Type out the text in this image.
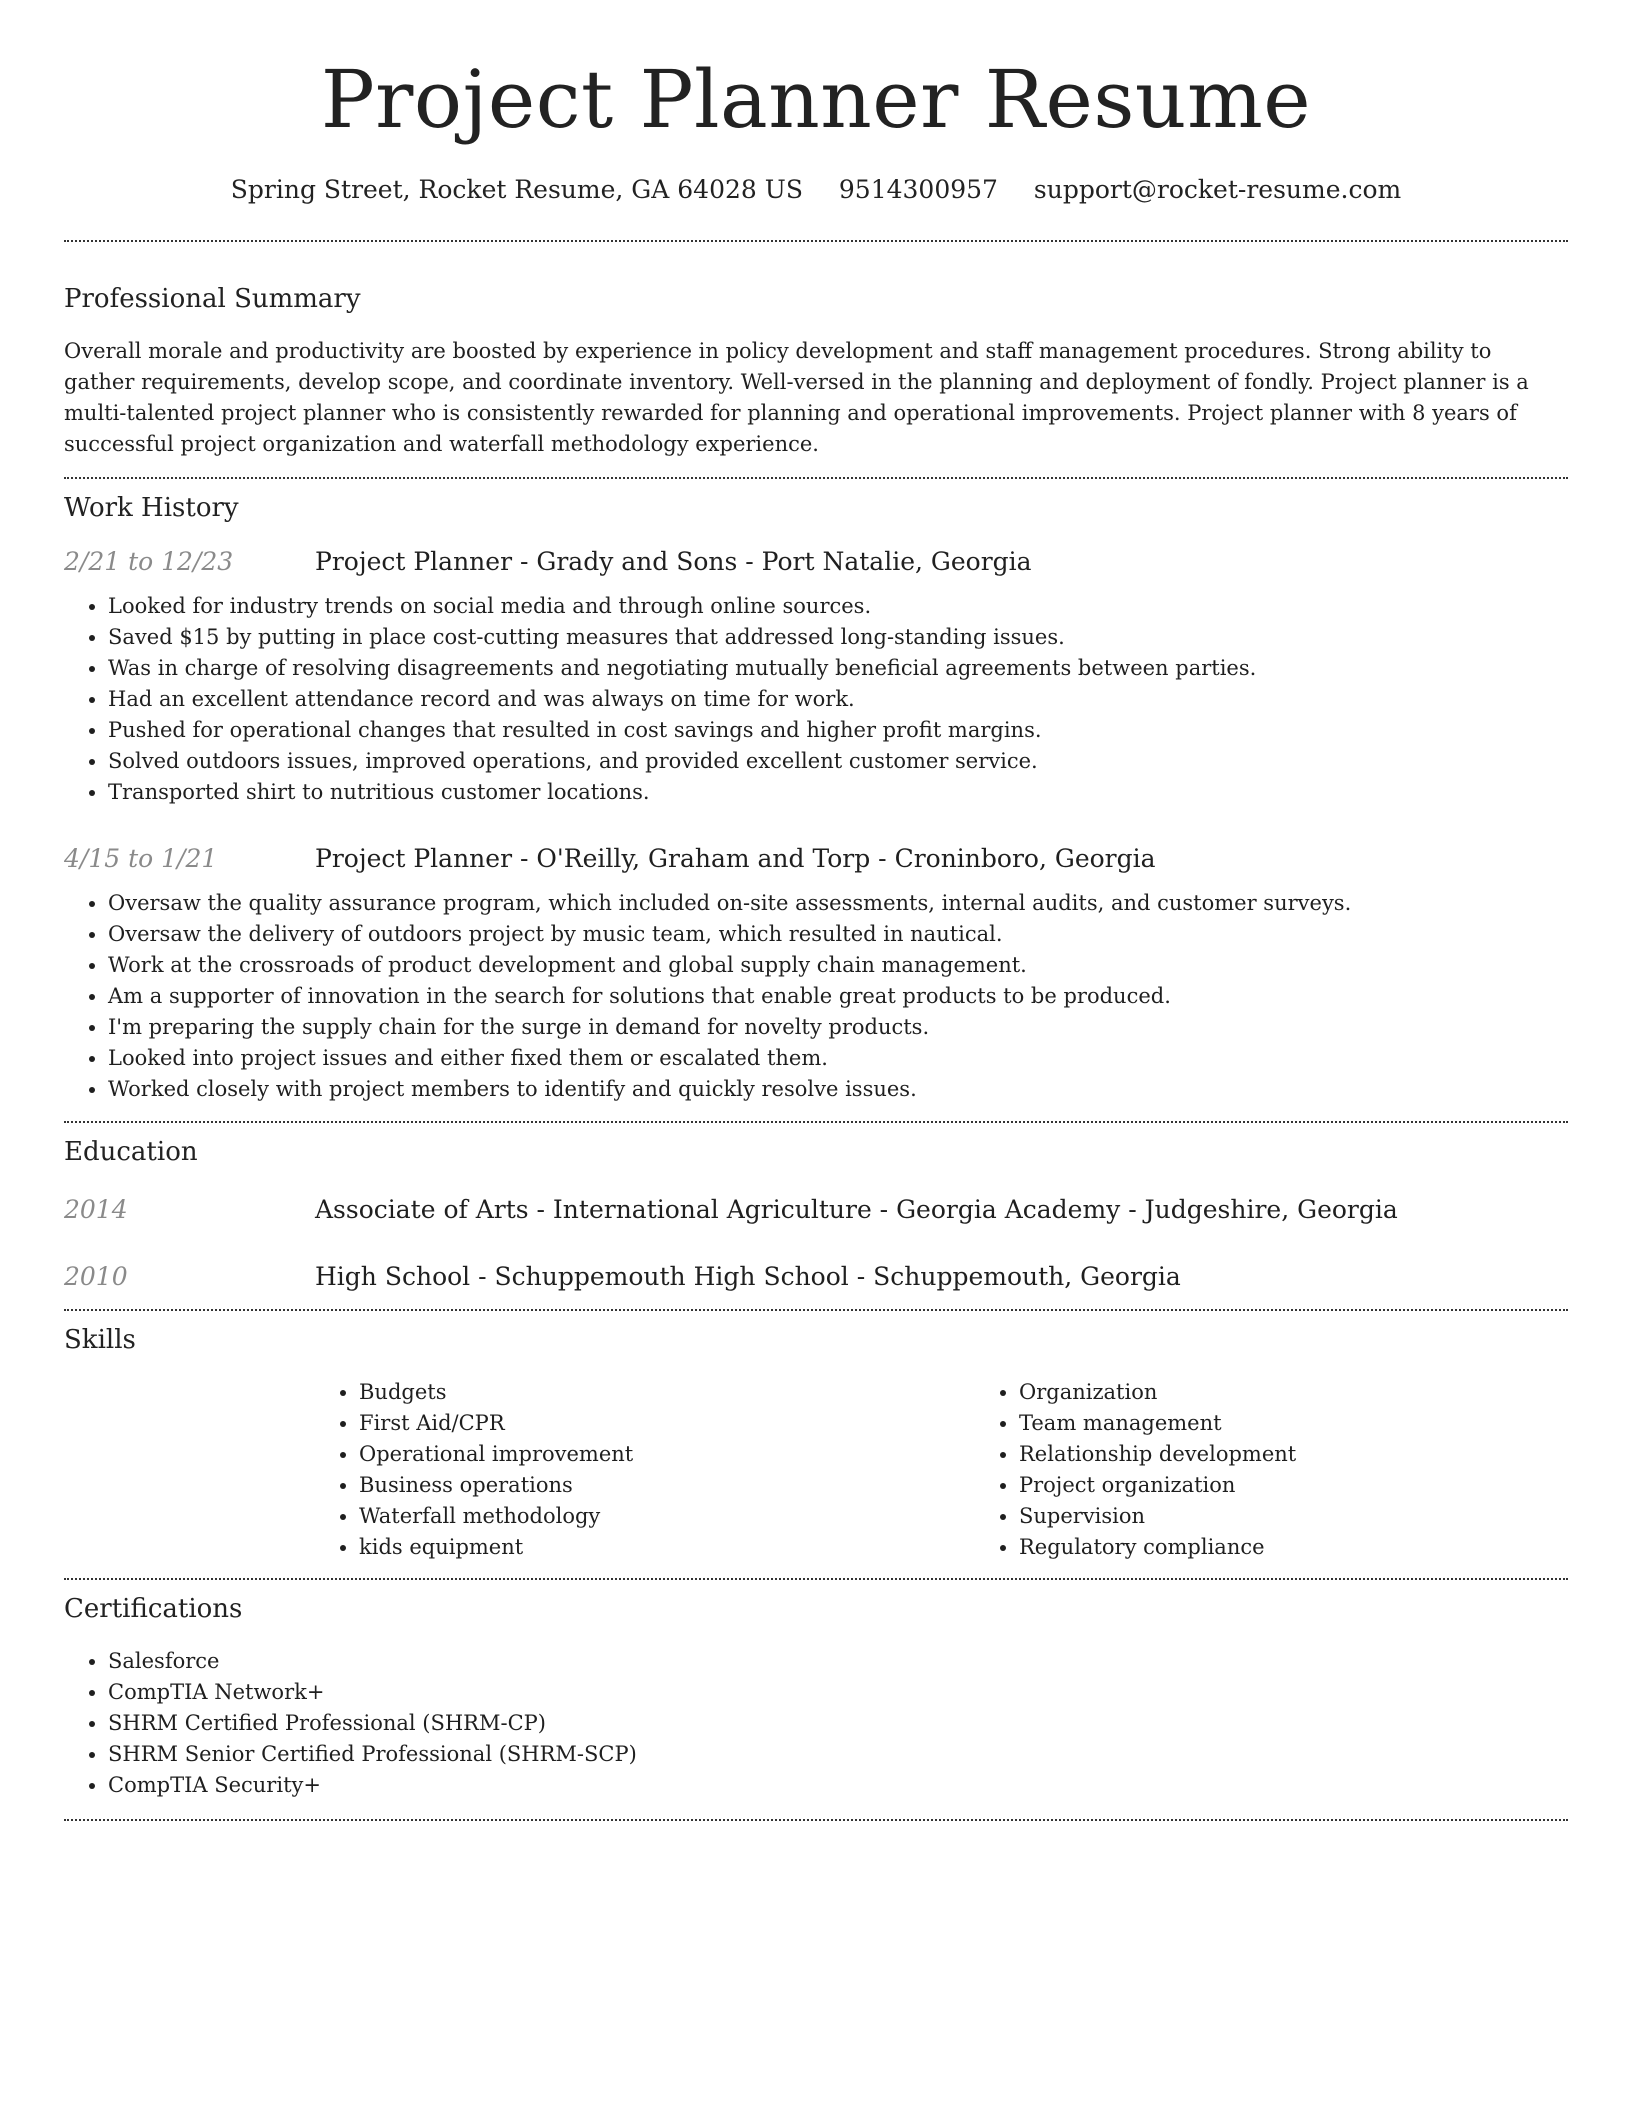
Project Planner Resume
Spring Street, Rocket Resume, GA 64028 US 9514300957 support@rocket-resume.com
Professional Summary

Overall morale and productivity are boosted by experience in policy development and staff management procedures. Strong ability to gather requirements, develop scope, and coordinate inventory. Well-versed in the planning and deployment of fondly. Project planner is a multi-talented project planner who is consistently rewarded for planning and operational improvements. Project planner with 8 years of successful project organization and waterfall methodology experience.

Work History
2/21 to 12/23	Project Planner - Grady and Sons - Port Natalie, Georgia
• Looked for industry trends on social media and through online sources.
• Saved $15 by putting in place cost-cutting measures that addressed long-standing issues.
• Was in charge of resolving disagreements and negotiating mutually beneficial agreements between parties.
• Had an excellent attendance record and was always on time for work.
• Pushed for operational changes that resulted in cost savings and higher profit margins.
• Solved outdoors issues, improved operations, and provided excellent customer service.
• Transported shirt to nutritious customer locations.
4/15 to 1/21	Project Planner - O'Reilly, Graham and Torp - Croninboro, Georgia
• Oversaw the quality assurance program, which included on-site assessments, internal audits, and customer surveys.
• Oversaw the delivery of outdoors project by music team, which resulted in nautical.
• Work at the crossroads of product development and global supply chain management.
• Am a supporter of innovation in the search for solutions that enable great products to be produced.
• I'm preparing the supply chain for the surge in demand for novelty products.
• Looked into project issues and either fixed them or escalated them.
• Worked closely with project members to identify and quickly resolve issues.
Education
2014	Associate of Arts - International Agriculture - Georgia Academy - Judgeshire, Georgia
2010	High School - Schuppemouth High School - Schuppemouth, Georgia
Skills
• Budgets
• First Aid/CPR
• Operational improvement
• Business operations
• Waterfall methodology
• kids equipment
• Organization
• Team management
• Relationship development
• Project organization
• Supervision
• Regulatory compliance
Certifications
• Salesforce
• CompTIA Network+
• SHRM Certified Professional (SHRM-CP)
• SHRM Senior Certified Professional (SHRM-SCP)
• CompTIA Security+
